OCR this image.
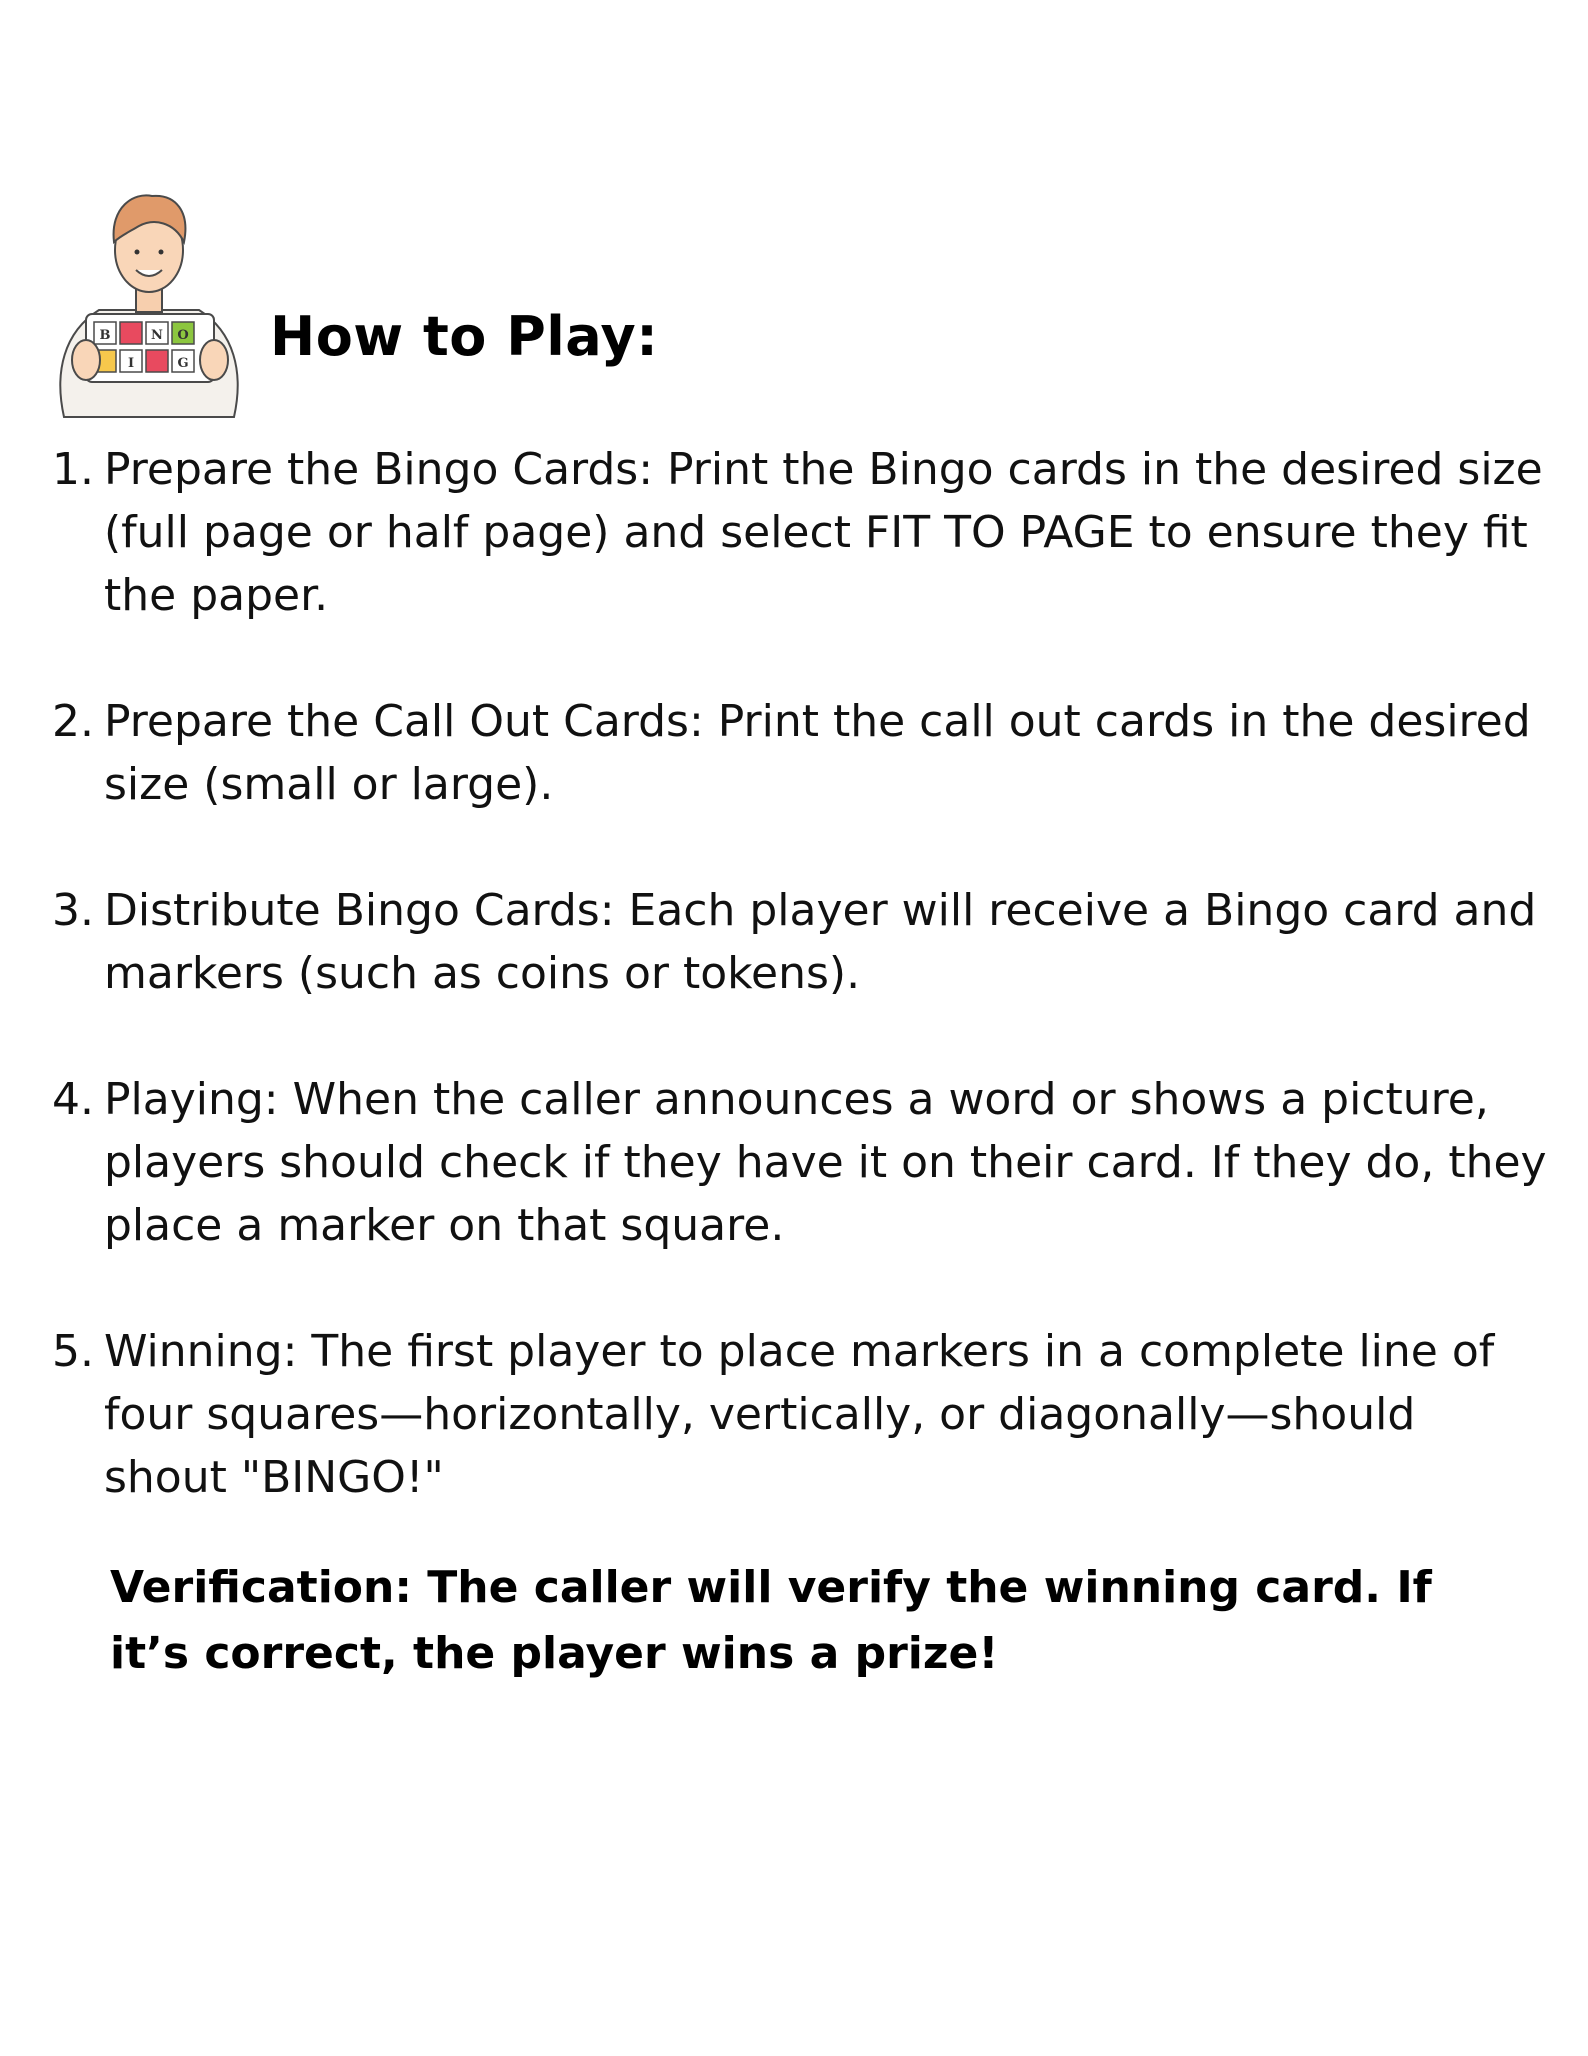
B	N O
I	G How to Play:
1. Prepare the Bingo Cards: Print the Bingo cards in the desired size (full page or half page) and select FIT TO PAGE to ensure they fit the paper.
2. Prepare the Call Out Cards: Print the call out cards in the desired size (small or large).
3. Distribute Bingo Cards: Each player will receive a Bingo card and markers (such as coins or tokens).
4. Playing: When the caller announces a word or shows a picture, players should check if they have it on their card. If they do, they place a marker on that square.
5. Winning: The first player to place markers in a complete line of four squares—horizontally, vertically, or diagonally—should shout "BINGO!"

Verification: The caller will verify the winning card. If it’s correct, the player wins a prize!
